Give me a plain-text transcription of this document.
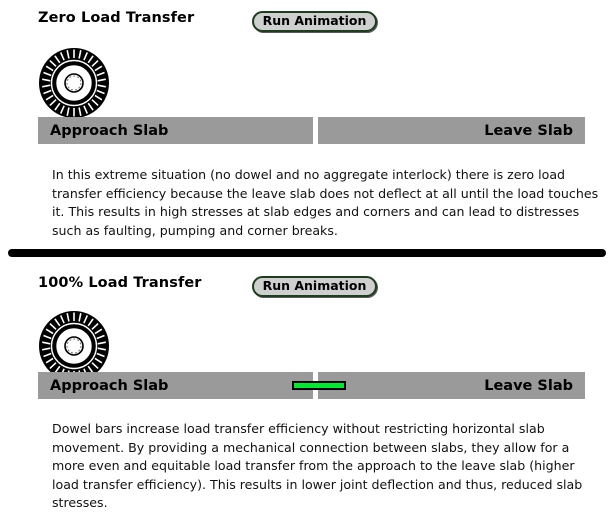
Zero Load Transfer	Run Animation
Approach Slab	Leave Slab
In this extreme situation (no dowel and no aggregate interlock) there is zero load transfer efficiency because the leave slab does not deflect at all until the load touches it. This results in high stresses at slab edges and corners and can lead to distresses such as faulting, pumping and corner breaks.
100% Load Transfer	Run Animation
Approach Slab	Leave Slab
Dowel bars increase load transfer efficiency without restricting horizontal slab movement. By providing a mechanical connection between slabs, they allow for a more even and equitable load transfer from the approach to the leave slab (higher load transfer efficiency). This results in lower joint deflection and thus, reduced slab stresses.
